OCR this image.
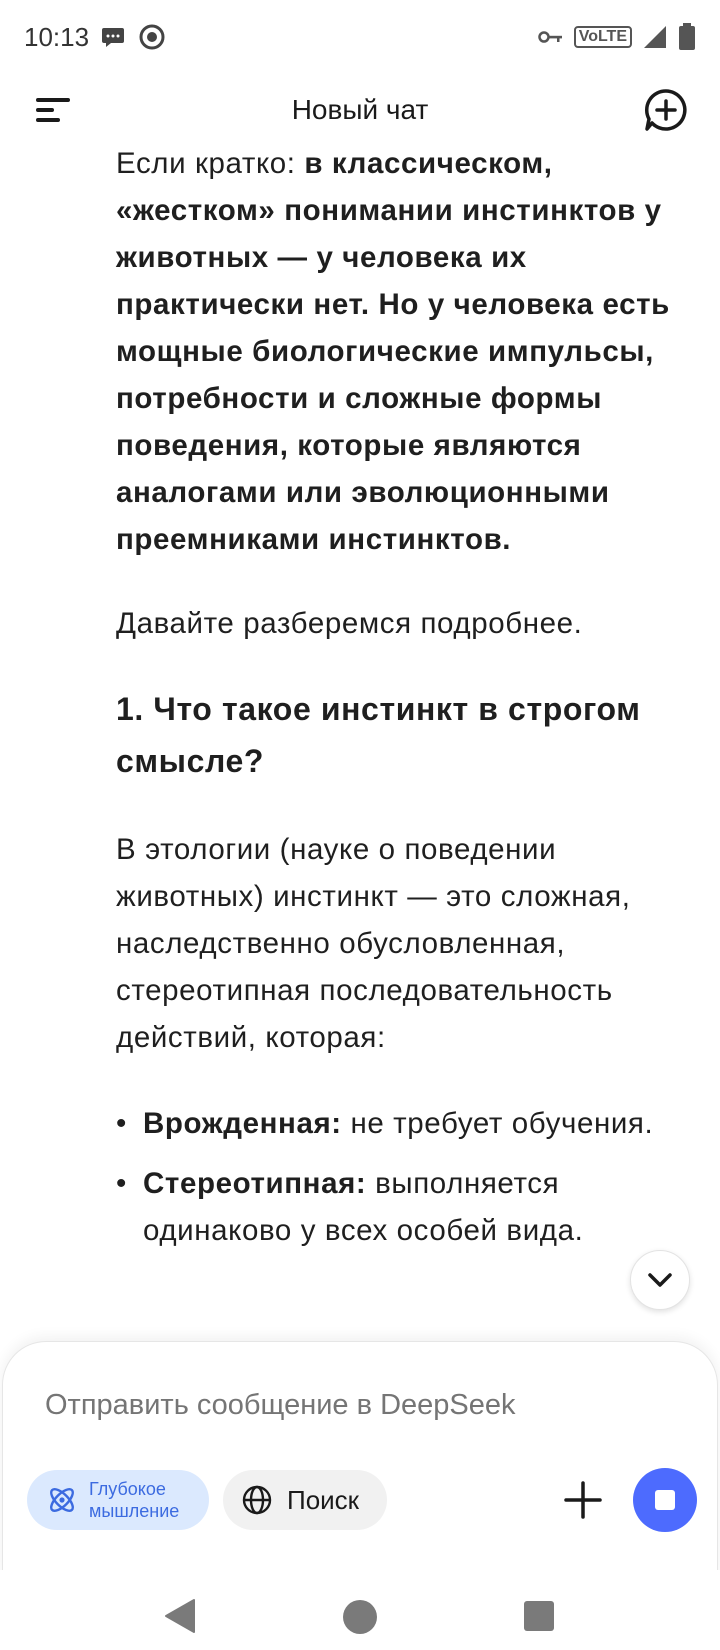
10:13	VoLTE
Новый чат

Если кратко: в классическом, «жестком» понимании инстинктов у животных — у человека их практически нет. Но у человека есть мощные биологические импульсы, потребности и сложные формы поведения, которые являются аналогами или эволюционными преемниками инстинктов.

Давайте разберемся подробнее.

1. Что такое инстинкт в строгом смысле?

В этологии (науке о поведении животных) инстинкт — это сложная, наследственно обусловленная, стереотипная последовательность действий, которая:

• Врожденная: не требует обучения.
• Стереотипная: выполняется одинаково у всех особей вида.
Отправить сообщение в DeepSeek
Глубокое мышление	Поиск
